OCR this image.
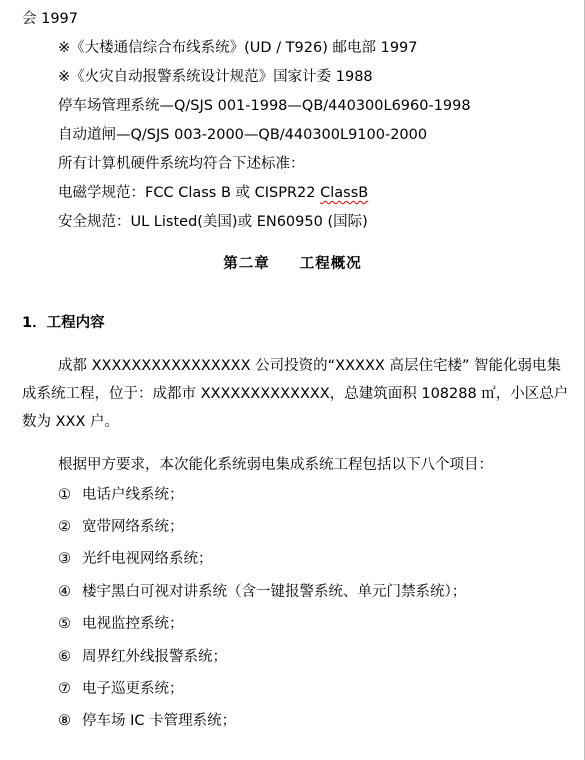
会 1997
※《大楼通信综合布线系统》(UD / T926) 邮电部 1997
※《火灾自动报警系统设计规范》国家计委 1988
停车场管理系统—Q/SJS 001-1998—QB/440300L6960-1998
自动道闸—Q/SJS 003-2000—QB/440300L9100-2000
所有计算机硬件系统均符合下述标准：
电磁学规范：FCC Class B 或 CISPR22 ClassB
安全规范：UL Listed(美国)或 EN60950 (国际)
第二章 工程概况
1．工程内容
成都 XXXXXXXXXXXXXXXX 公司投资的“XXXXX 高层住宅楼” 智能化弱电集成系统工程，位于：成都市 XXXXXXXXXXXXX，总建筑面积 108288 ㎡，小区总户数为 XXX 户。
根据甲方要求，本次能化系统弱电集成系统工程包括以下八个项目：
① 电话户线系统；
② 宽带网络系统；
③ 光纤电视网络系统；
④ 楼宇黑白可视对讲系统（含一键报警系统、单元门禁系统）；
⑤ 电视监控系统；
⑥ 周界红外线报警系统；
⑦ 电子巡更系统；
⑧ 停车场 IC 卡管理系统；
